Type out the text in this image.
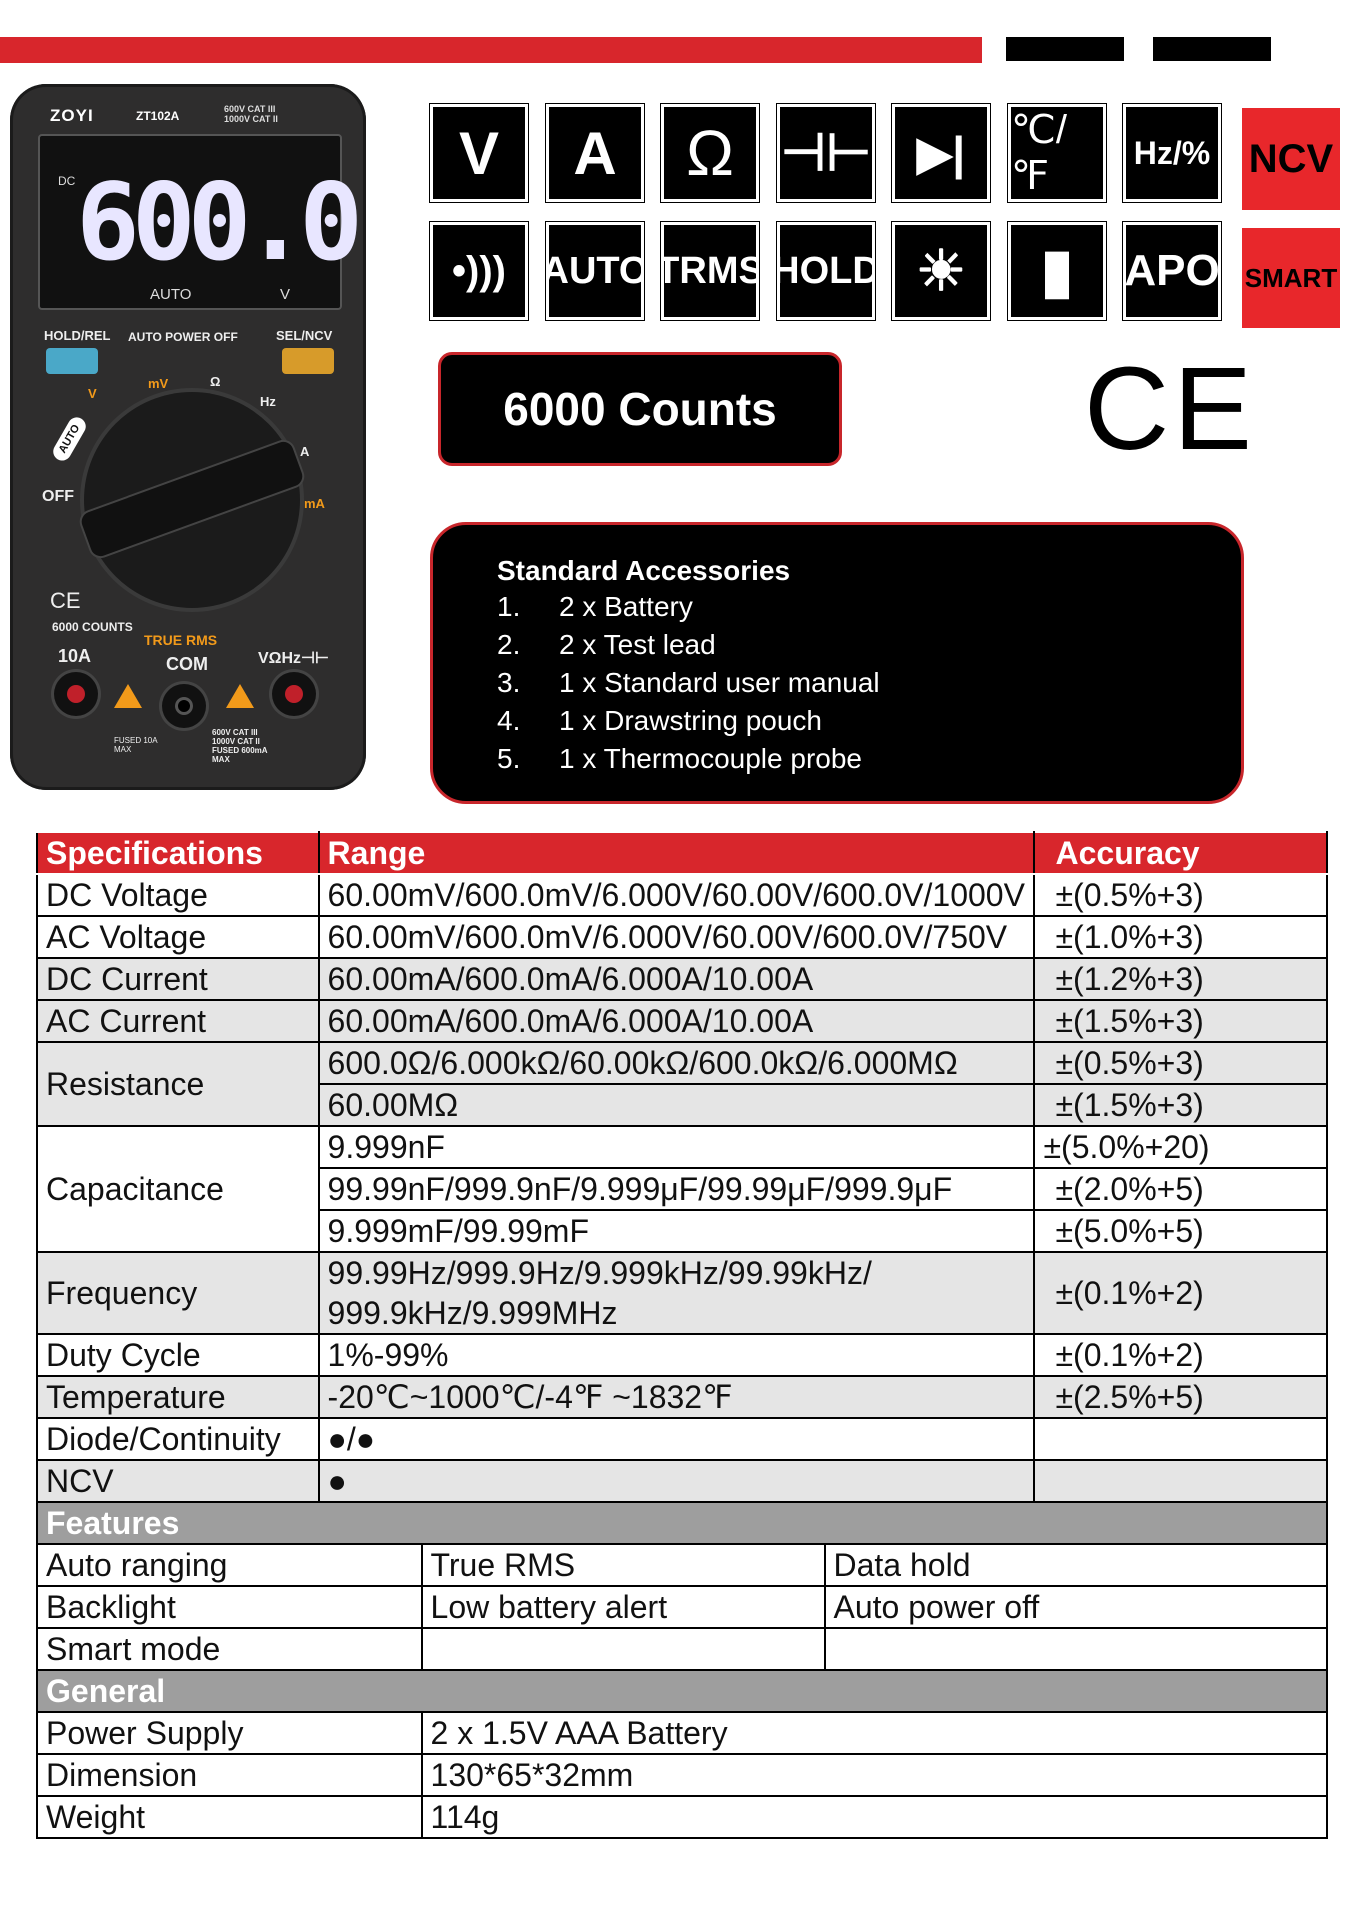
ZOYI	ZT102A	600V CAT III
1000V CAT II
DC 600.0
AUTO	V
HOLD/REL AUTO POWER OFF	SEL/NCV
V
mV	Ω
Hz
A
mA
OFF
AUTO
CE
6000 COUNTS
TRUE RMS
10A	COM	VΩHz⊣⊢
FUSED 10A MAX
600V CAT III 1000V CAT II FUSED 600mA MAX
V	A	Ω ⊣⊢ ▶|	℃/℉
Hz/% NCV
•))) AUTO TRMS HOLD ☀	▮	APO SMART
6000 Counts	CE
Standard Accessories
1. 2 x Battery
2. 2 x Test lead
3. 1 x Standard user manual
4. 1 x Drawstring pouch
5. 1 x Thermocouple probe
Specifications	Range			Accuracy
DC Voltage	60.00mV/600.0mV/6.000V/60.00V/600.0V/1000V			±(0.5%+3)
AC Voltage	60.00mV/600.0mV/6.000V/60.00V/600.0V/750V			±(1.0%+3)
DC Current	60.00mA/600.0mA/6.000A/10.00A			±(1.2%+3)
AC Current	60.00mA/600.0mA/6.000A/10.00A			±(1.5%+3)
Resistance	600.0Ω/6.000kΩ/60.00kΩ/600.0kΩ/6.000MΩ			±(0.5%+3)
	60.00MΩ			±(1.5%+3)
Capacitance	9.999nF			±(5.0%+20)
	99.99nF/999.9nF/9.999μF/99.99μF/999.9μF			±(2.0%+5)
	9.999mF/99.99mF			±(5.0%+5)
Frequency	99.99Hz/999.9Hz/9.999kHz/99.99kHz/ 999.9kHz/9.999MHz			±(0.1%+2)
Duty Cycle	1%-99%			±(0.1%+2)
Temperature	-20℃~1000℃/-4℉ ~1832℉			±(2.5%+5)
Diode/Continuity	●/●			
NCV	●			
Features				
Auto ranging		True RMS	Data hold	
Backlight		Low battery alert	Auto power off	
Smart mode				
General				
Power Supply		2 x 1.5V AAA Battery		
Dimension		130*65*32mm		
Weight		114g		
